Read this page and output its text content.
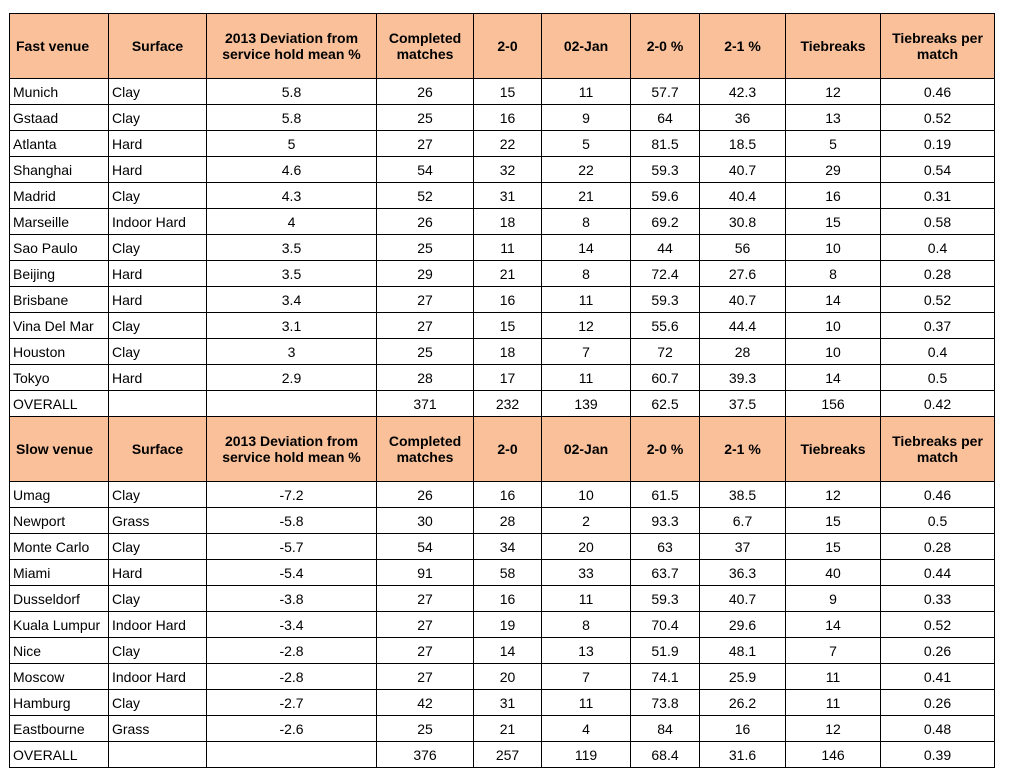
Fast venue	Surface	2013 Deviation from service hold mean %	Completed matches	2-0	02-Jan	2-0 %	2-1 %	Tiebreaks	Tiebreaks per match
Munich	Clay	5.8	26	15	11	57.7	42.3	12	0.46
Gstaad	Clay	5.8	25	16	9	64	36	13	0.52
Atlanta	Hard	5	27	22	5	81.5	18.5	5	0.19
Shanghai	Hard	4.6	54	32	22	59.3	40.7	29	0.54
Madrid	Clay	4.3	52	31	21	59.6	40.4	16	0.31
Marseille	Indoor Hard	4	26	18	8	69.2	30.8	15	0.58
Sao Paulo	Clay	3.5	25	11	14	44	56	10	0.4
Beijing	Hard	3.5	29	21	8	72.4	27.6	8	0.28
Brisbane	Hard	3.4	27	16	11	59.3	40.7	14	0.52
Vina Del Mar	Clay	3.1	27	15	12	55.6	44.4	10	0.37
Houston	Clay	3	25	18	7	72	28	10	0.4
Tokyo	Hard	2.9	28	17	11	60.7	39.3	14	0.5
OVERALL			371	232	139	62.5	37.5	156	0.42
Slow venue	Surface	2013 Deviation from service hold mean %	Completed matches	2-0	02-Jan	2-0 %	2-1 %	Tiebreaks	Tiebreaks per match
Umag	Clay	-7.2	26	16	10	61.5	38.5	12	0.46
Newport	Grass	-5.8	30	28	2	93.3	6.7	15	0.5
Monte Carlo	Clay	-5.7	54	34	20	63	37	15	0.28
Miami	Hard	-5.4	91	58	33	63.7	36.3	40	0.44
Dusseldorf	Clay	-3.8	27	16	11	59.3	40.7	9	0.33
Kuala Lumpur	Indoor Hard	-3.4	27	19	8	70.4	29.6	14	0.52
Nice	Clay	-2.8	27	14	13	51.9	48.1	7	0.26
Moscow	Indoor Hard	-2.8	27	20	7	74.1	25.9	11	0.41
Hamburg	Clay	-2.7	42	31	11	73.8	26.2	11	0.26
Eastbourne	Grass	-2.6	25	21	4	84	16	12	0.48
OVERALL			376	257	119	68.4	31.6	146	0.39
